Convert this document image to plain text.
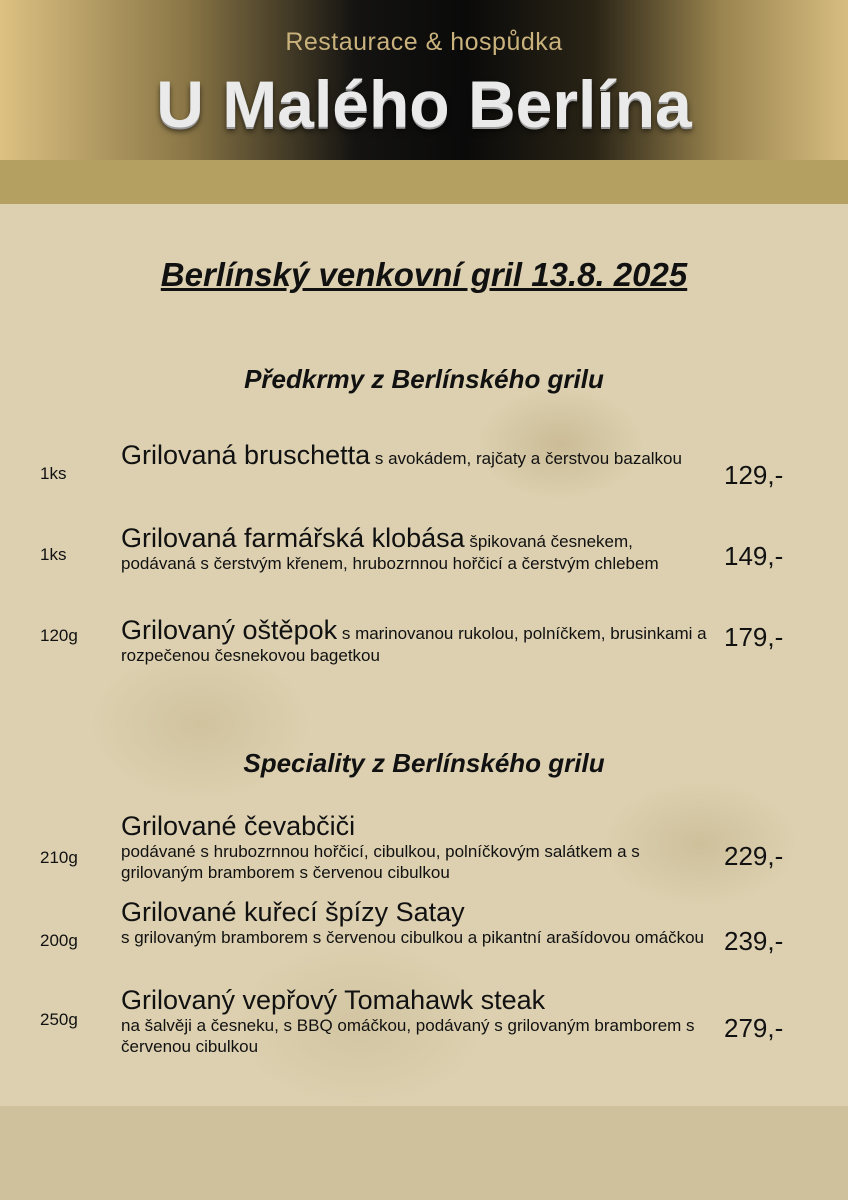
Restaurace & hospůdka
U Malého Berlína
Berlínský venkovní gril 13.8. 2025
Předkrmy z Berlínského grilu
1ks
Grilovaná bruschetta s avokádem, rajčaty a čerstvou bazalkou
129,-
1ks
Grilovaná farmářská klobása špikovaná česnekem, podávaná s čerstvým křenem, hrubozrnnou hořčicí a čerstvým chlebem	149,-
120g Grilovaný oštěpok s marinovanou rukolou, polníčkem, brusinkami a rozpečenou česnekovou bagetkou
179,-
Speciality z Berlínského grilu
210g
Grilované čevabčiči
podávané s hrubozrnnou hořčicí, cibulkou, polníčkovým salátkem a s grilovaným bramborem s červenou cibulkou
229,-
200g
Grilované kuřecí špízy Satay
s grilovaným bramborem s červenou cibulkou a pikantní arašídovou omáčkou 239,-
250g
Grilovaný vepřový Tomahawk steak
na šalvěji a česneku, s BBQ omáčkou, podávaný s grilovaným bramborem s červenou cibulkou
279,-
